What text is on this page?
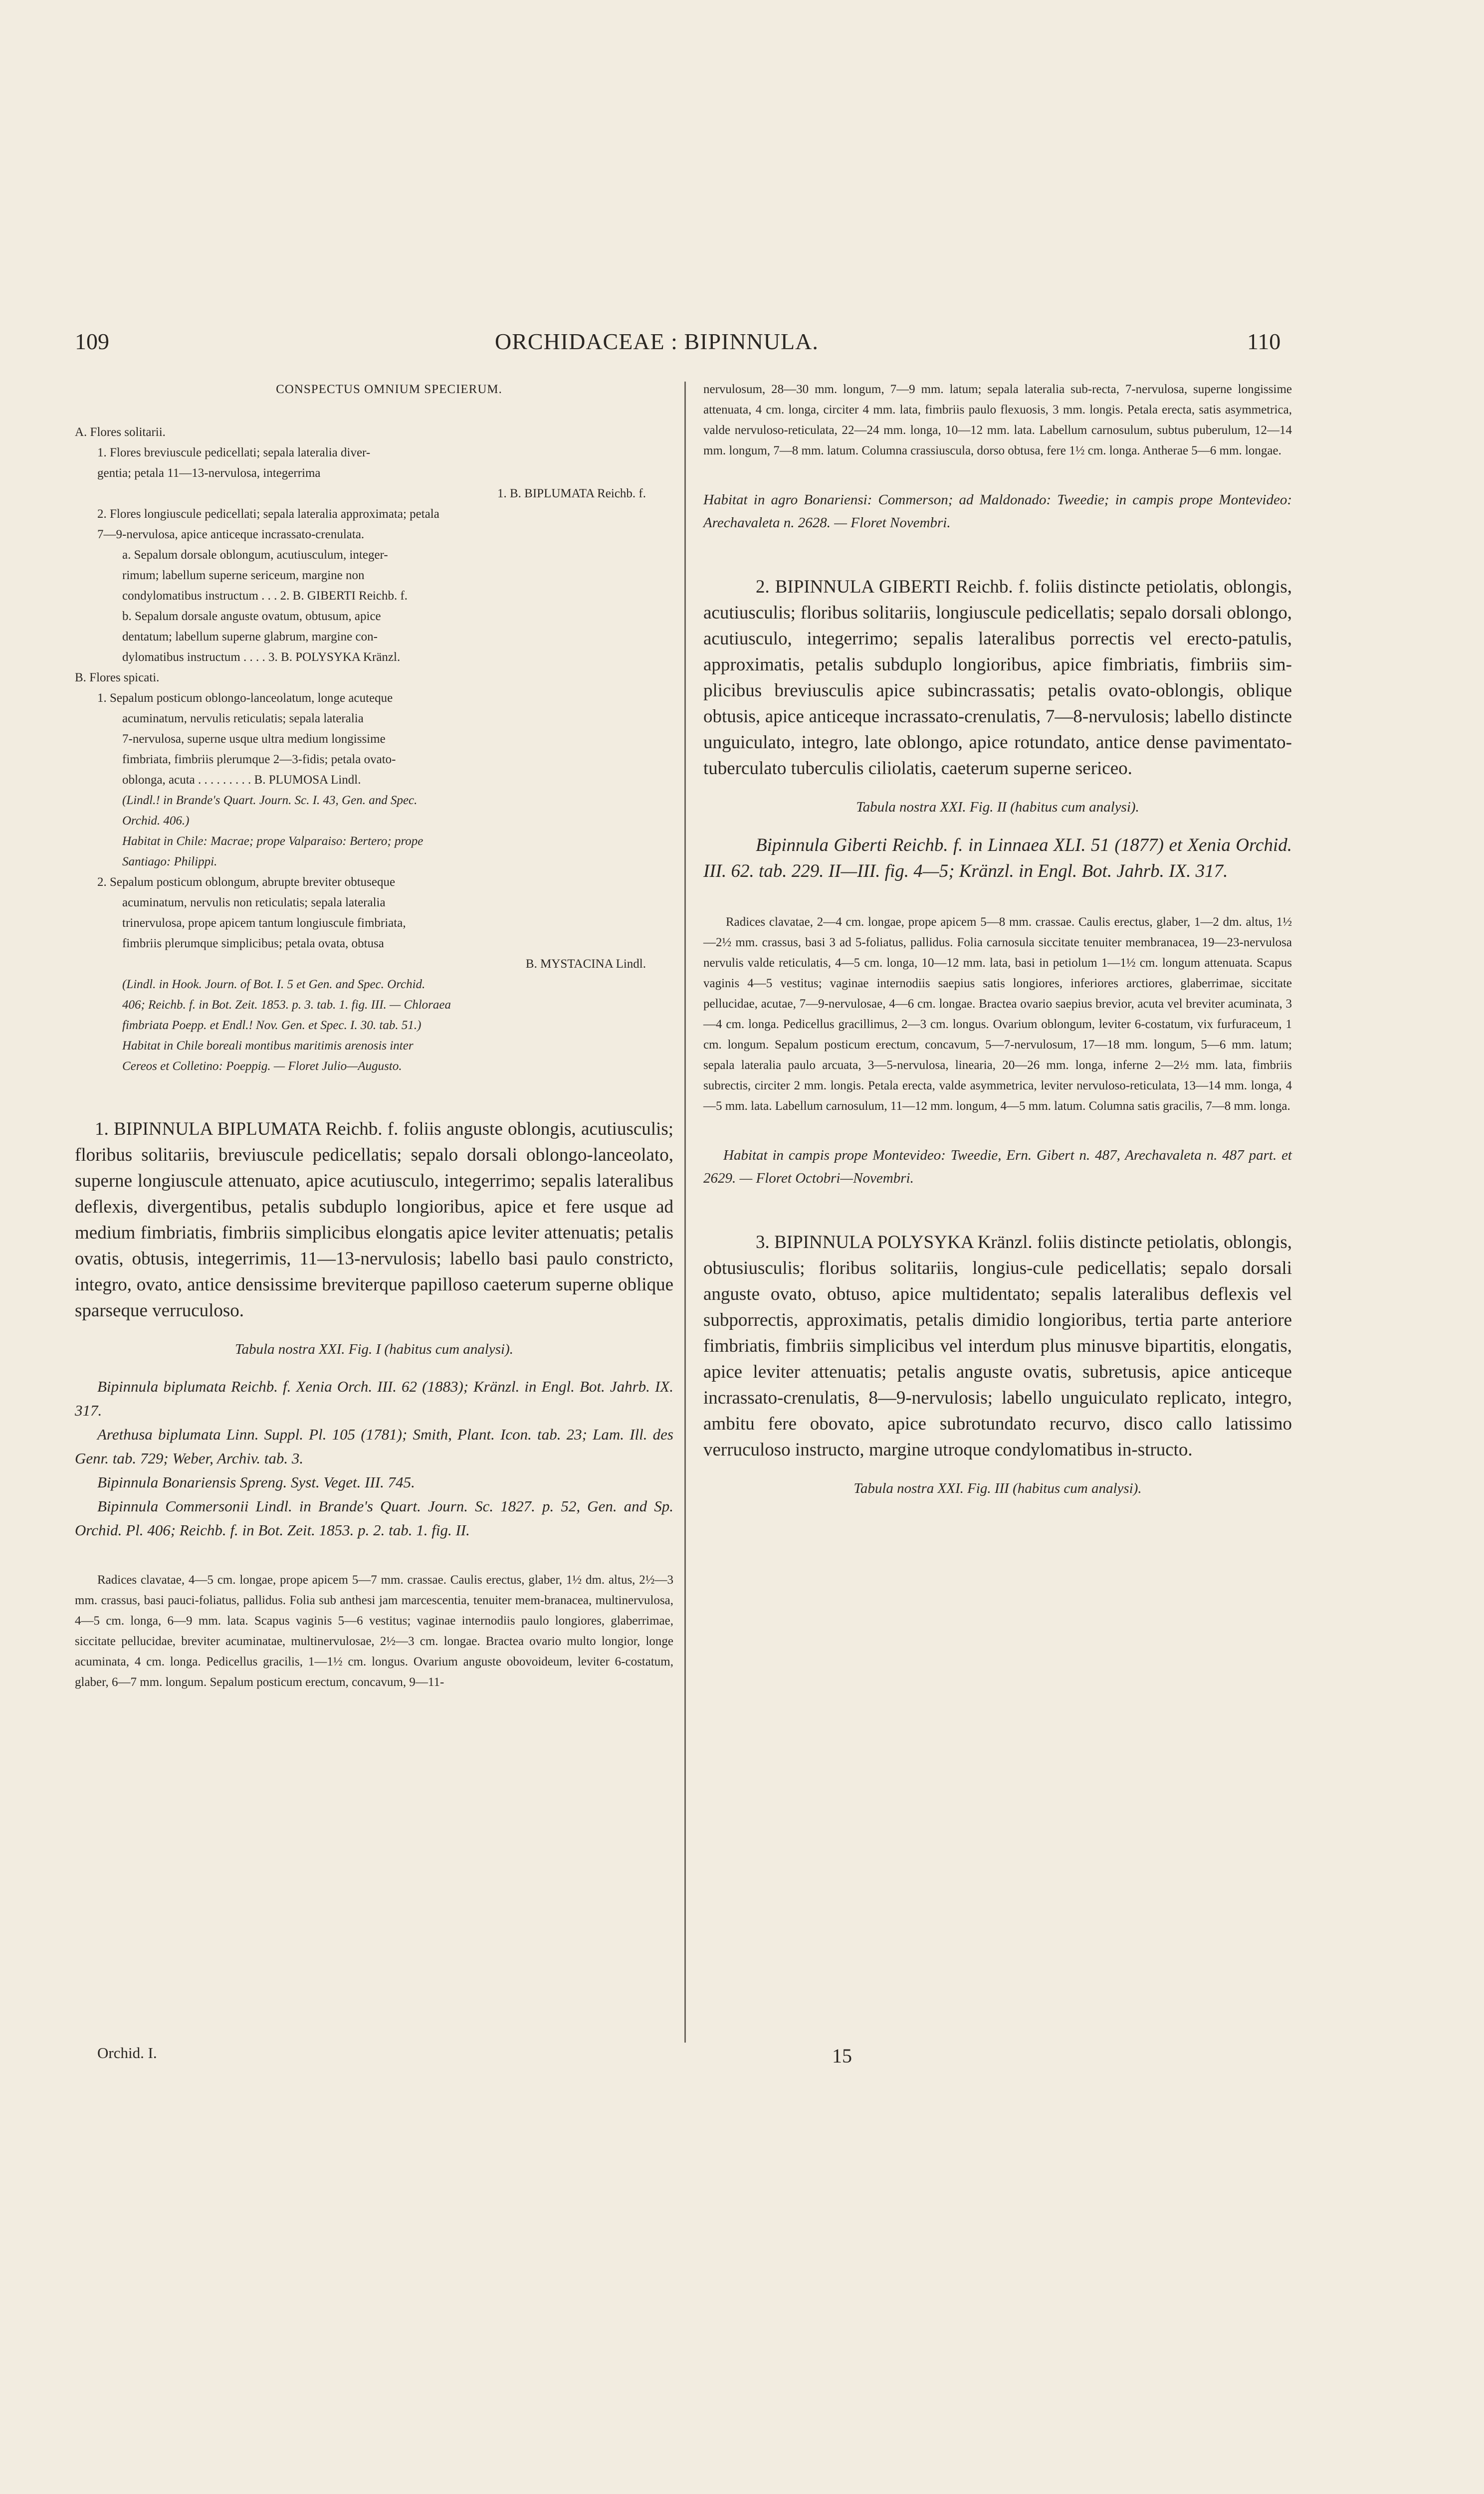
109	ORCHIDACEAE : BIPINNULA.	110

CONSPECTUS OMNIUM SPECIERUM.

A. Flores solitarii.

1. Flores breviuscule pedicellati; sepala lateralia diver-

gentia; petala 11—13-nervulosa, integerrima

1. B. BIPLUMATA Reichb. f.

2. Flores longiuscule pedicellati; sepala lateralia approximata; petala

7—9-nervulosa, apice anticeque incrassato-crenulata.

a. Sepalum dorsale oblongum, acutiusculum, integer-

rimum; labellum superne sericeum, margine non

condylomatibus instructum . . . 2. B. GIBERTI Reichb. f.

b. Sepalum dorsale anguste ovatum, obtusum, apice

dentatum; labellum superne glabrum, margine con-

dylomatibus instructum . . . . 3. B. POLYSYKA Kränzl.

B. Flores spicati.

1. Sepalum posticum oblongo-lanceolatum, longe acuteque

acuminatum, nervulis reticulatis; sepala lateralia

7-nervulosa, superne usque ultra medium longissime

fimbriata, fimbriis plerumque 2—3-fidis; petala ovato-

oblonga, acuta . . . . . . . . . B. PLUMOSA Lindl.

(Lindl.! in Brande's Quart. Journ. Sc. I. 43, Gen. and Spec.

Orchid. 406.)

Habitat in Chile: Macrae; prope Valparaiso: Bertero; prope

Santiago: Philippi.

2. Sepalum posticum oblongum, abrupte breviter obtuseque

acuminatum, nervulis non reticulatis; sepala lateralia

trinervulosa, prope apicem tantum longiuscule fimbriata,

fimbriis plerumque simplicibus; petala ovata, obtusa

B. MYSTACINA Lindl.

(Lindl. in Hook. Journ. of Bot. I. 5 et Gen. and Spec. Orchid.

406; Reichb. f. in Bot. Zeit. 1853. p. 3. tab. 1. fig. III. — Chloraea

fimbriata Poepp. et Endl.! Nov. Gen. et Spec. I. 30. tab. 51.)

Habitat in Chile boreali montibus maritimis arenosis inter

Cereos et Colletino: Poeppig. — Floret Julio—Augusto.

1. BIPINNULA BIPLUMATA Reichb. f. foliis anguste oblongis, acutiusculis; floribus solitariis, breviuscule pedicellatis; sepalo dorsali oblongo-lanceolato, superne longiuscule attenuato, apice acutiusculo, integerrimo; sepalis lateralibus deflexis, divergentibus, petalis subduplo longioribus, apice et fere usque ad medium fimbriatis, fimbriis simplicibus elongatis apice leviter attenuatis; petalis ovatis, obtusis, integerrimis, 11—13-nervulosis; labello basi paulo constricto, integro, ovato, antice densissime breviterque papilloso caeterum superne oblique sparseque verruculoso.

Tabula nostra XXI. Fig. I (habitus cum analysi).

Bipinnula biplumata Reichb. f. Xenia Orch. III. 62 (1883); Kränzl. in Engl. Bot. Jahrb. IX. 317.

Arethusa biplumata Linn. Suppl. Pl. 105 (1781); Smith, Plant. Icon. tab. 23; Lam. Ill. des Genr. tab. 729; Weber, Archiv. tab. 3.

Bipinnula Bonariensis Spreng. Syst. Veget. III. 745.

Bipinnula Commersonii Lindl. in Brande's Quart. Journ. Sc. 1827. p. 52, Gen. and Sp. Orchid. Pl. 406; Reichb. f. in Bot. Zeit. 1853. p. 2. tab. 1. fig. II.

Radices clavatae, 4—5 cm. longae, prope apicem 5—7 mm. crassae. Caulis erectus, glaber, 1½ dm. altus, 2½—3 mm. crassus, basi pauci-foliatus, pallidus. Folia sub anthesi jam marcescentia, tenuiter mem-branacea, multinervulosa, 4—5 cm. longa, 6—9 mm. lata. Scapus vaginis 5—6 vestitus; vaginae internodiis paulo longiores, glaberrimae, siccitate pellucidae, breviter acuminatae, multinervulosae, 2½—3 cm. longae. Bractea ovario multo longior, longe acuminata, 4 cm. longa. Pedicellus gracilis, 1—1½ cm. longus. Ovarium anguste obovoideum, leviter 6-costatum, glaber, 6—7 mm. longum. Sepalum posticum erectum, concavum, 9—11-

Orchid. I.

nervulosum, 28—30 mm. longum, 7—9 mm. latum; sepala lateralia sub-recta, 7-nervulosa, superne longissime attenuata, 4 cm. longa, circiter 4 mm. lata, fimbriis paulo flexuosis, 3 mm. longis. Petala erecta, satis asymmetrica, valde nervuloso-reticulata, 22—24 mm. longa, 10—12 mm. lata. Labellum carnosulum, subtus puberulum, 12—14 mm. longum, 7—8 mm. latum. Columna crassiuscula, dorso obtusa, fere 1½ cm. longa. Antherae 5—6 mm. longae.

Habitat in agro Bonariensi: Commerson; ad Maldonado: Tweedie; in campis prope Montevideo: Arechavaleta n. 2628. — Floret Novembri.

2. BIPINNULA GIBERTI Reichb. f. foliis distincte petiolatis, oblongis, acutiusculis; floribus solitariis, longiuscule pedicellatis; sepalo dorsali oblongo, acutiusculo, integerrimo; sepalis lateralibus porrectis vel erecto-patulis, approximatis, petalis subduplo longioribus, apice fimbriatis, fimbriis sim-plicibus breviusculis apice subincrassatis; petalis ovato-oblongis, oblique obtusis, apice anticeque incrassato-crenulatis, 7—8-nervulosis; labello distincte unguiculato, integro, late oblongo, apice rotundato, antice dense pavimentato-tuberculato tuberculis ciliolatis, caeterum superne sericeo.

Tabula nostra XXI. Fig. II (habitus cum analysi).

Bipinnula Giberti Reichb. f. in Linnaea XLI. 51 (1877) et Xenia Orchid. III. 62. tab. 229. II—III. fig. 4—5; Kränzl. in Engl. Bot. Jahrb. IX. 317.

Radices clavatae, 2—4 cm. longae, prope apicem 5—8 mm. crassae. Caulis erectus, glaber, 1—2 dm. altus, 1½—2½ mm. crassus, basi 3 ad 5-foliatus, pallidus. Folia carnosula siccitate tenuiter membranacea, 19—23-nervulosa nervulis valde reticulatis, 4—5 cm. longa, 10—12 mm. lata, basi in petiolum 1—1½ cm. longum attenuata. Scapus vaginis 4—5 vestitus; vaginae internodiis saepius satis longiores, inferiores arctiores, glaberrimae, siccitate pellucidae, acutae, 7—9-nervulosae, 4—6 cm. longae. Bractea ovario saepius brevior, acuta vel breviter acuminata, 3—4 cm. longa. Pedicellus gracillimus, 2—3 cm. longus. Ovarium oblongum, leviter 6-costatum, vix furfuraceum, 1 cm. longum. Sepalum posticum erectum, concavum, 5—7-nervulosum, 17—18 mm. longum, 5—6 mm. latum; sepala lateralia paulo arcuata, 3—5-nervulosa, linearia, 20—26 mm. longa, inferne 2—2½ mm. lata, fimbriis subrectis, circiter 2 mm. longis. Petala erecta, valde asymmetrica, leviter nervuloso-reticulata, 13—14 mm. longa, 4—5 mm. lata. Labellum carnosulum, 11—12 mm. longum, 4—5 mm. latum. Columna satis gracilis, 7—8 mm. longa.

Habitat in campis prope Montevideo: Tweedie, Ern. Gibert n. 487, Arechavaleta n. 487 part. et 2629. — Floret Octobri—Novembri.

3. BIPINNULA POLYSYKA Kränzl. foliis distincte petiolatis, oblongis, obtusiusculis; floribus solitariis, longius-cule pedicellatis; sepalo dorsali anguste ovato, obtuso, apice multidentato; sepalis lateralibus deflexis vel subporrectis, approximatis, petalis dimidio longioribus, tertia parte anteriore fimbriatis, fimbriis simplicibus vel interdum plus minusve bipartitis, elongatis, apice leviter attenuatis; petalis anguste ovatis, subretusis, apice anticeque incrassato-crenulatis, 8—9-nervulosis; labello unguiculato replicato, integro, ambitu fere obovato, apice subrotundato recurvo, disco callo latissimo verruculoso instructo, margine utroque condylomatibus in-structo.

Tabula nostra XXI. Fig. III (habitus cum analysi).

15
